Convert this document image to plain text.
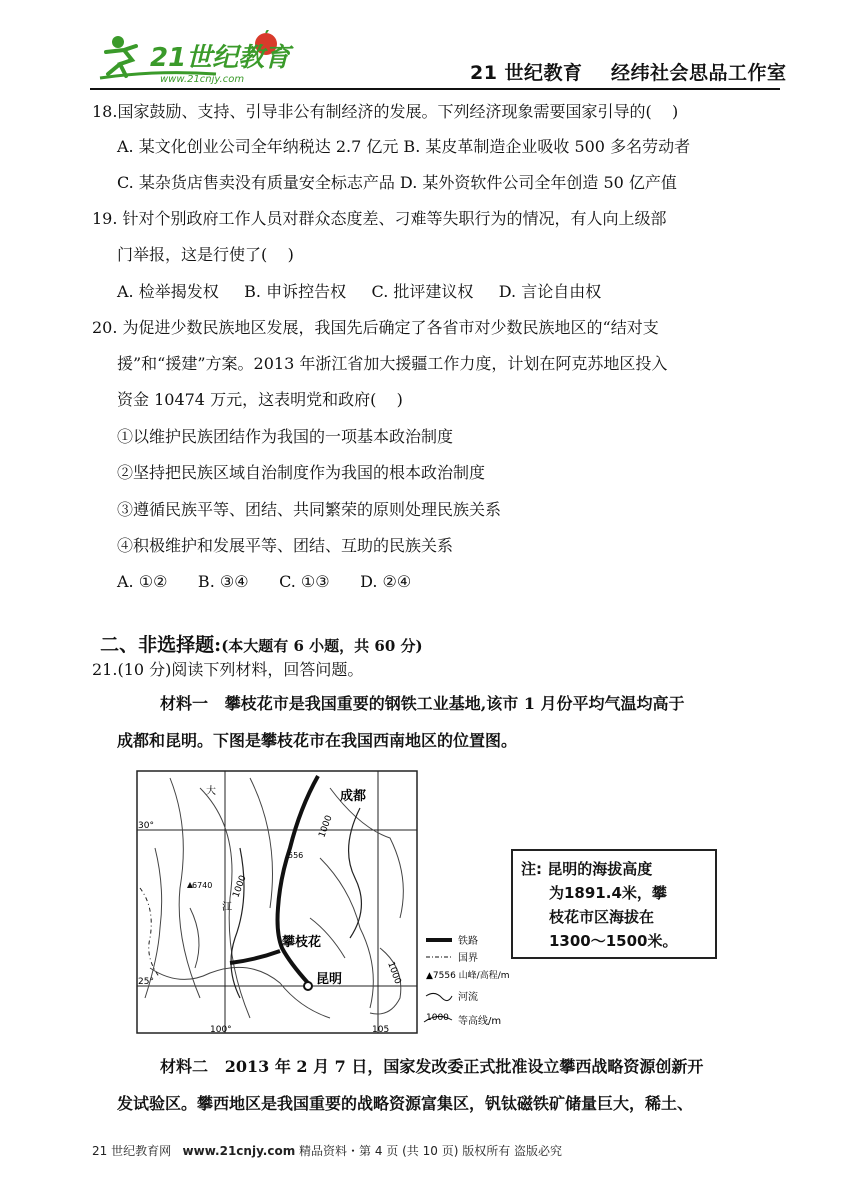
21世纪教育
www.21cnjy.com	21 世纪教育    经纬社会思品工作室
18.国家鼓励、支持、引导非公有制经济的发展。下列经济现象需要国家引导的(    )
A. 某文化创业公司全年纳税达 2.7 亿元 B. 某皮革制造企业吸收 500 多名劳动者
C. 某杂货店售卖没有质量安全标志产品 D. 某外资软件公司全年创造 50 亿产值
19. 针对个别政府工作人员对群众态度差、刁难等失职行为的情况，有人向上级部
门举报，这是行使了(    )
A. 检举揭发权     B. 申诉控告权     C. 批评建议权     D. 言论自由权
20. 为促进少数民族地区发展，我国先后确定了各省市对少数民族地区的“结对支
援”和“援建”方案。2013 年浙江省加大援疆工作力度，计划在阿克苏地区投入
资金 10474 万元，这表明党和政府(    )
①以维护民族团结作为我国的一项基本政治制度
②坚持把民族区域自治制度作为我国的根本政治制度
③遵循民族平等、团结、共同繁荣的原则处理民族关系
④积极维护和发展平等、团结、互助的民族关系
A. ①②      B. ③④      C. ①③      D. ②④

二、非选择题:(本大题有 6 小题，共 60 分)

21.(10 分)阅读下列材料，回答问题。
材料一   攀枝花市是我国重要的钢铁工业基地,该市 1 月份平均气温均高于
成都和昆明。下图是攀枝花市在我国西南地区的位置图。
成都
攀枝花
昆明
30°
25°
100°	105
1000
1000
1000
6740
556
大
江
铁路
国界
▲7556 山峰/高程/m
河流
1000 等高线/m
注: 昆明的海拔高度
为1891.4米，攀
枝花市区海拔在
1300～1500米。
材料二   2013 年 2 月 7 日，国家发改委正式批准设立攀西战略资源创新开
发试验区。攀西地区是我国重要的战略资源富集区，钒钛磁铁矿储量巨大，稀土、
21 世纪教育网 www.21cnjy.com 精品资料・第 4 页 (共 10 页) 版权所有 盗版必究
